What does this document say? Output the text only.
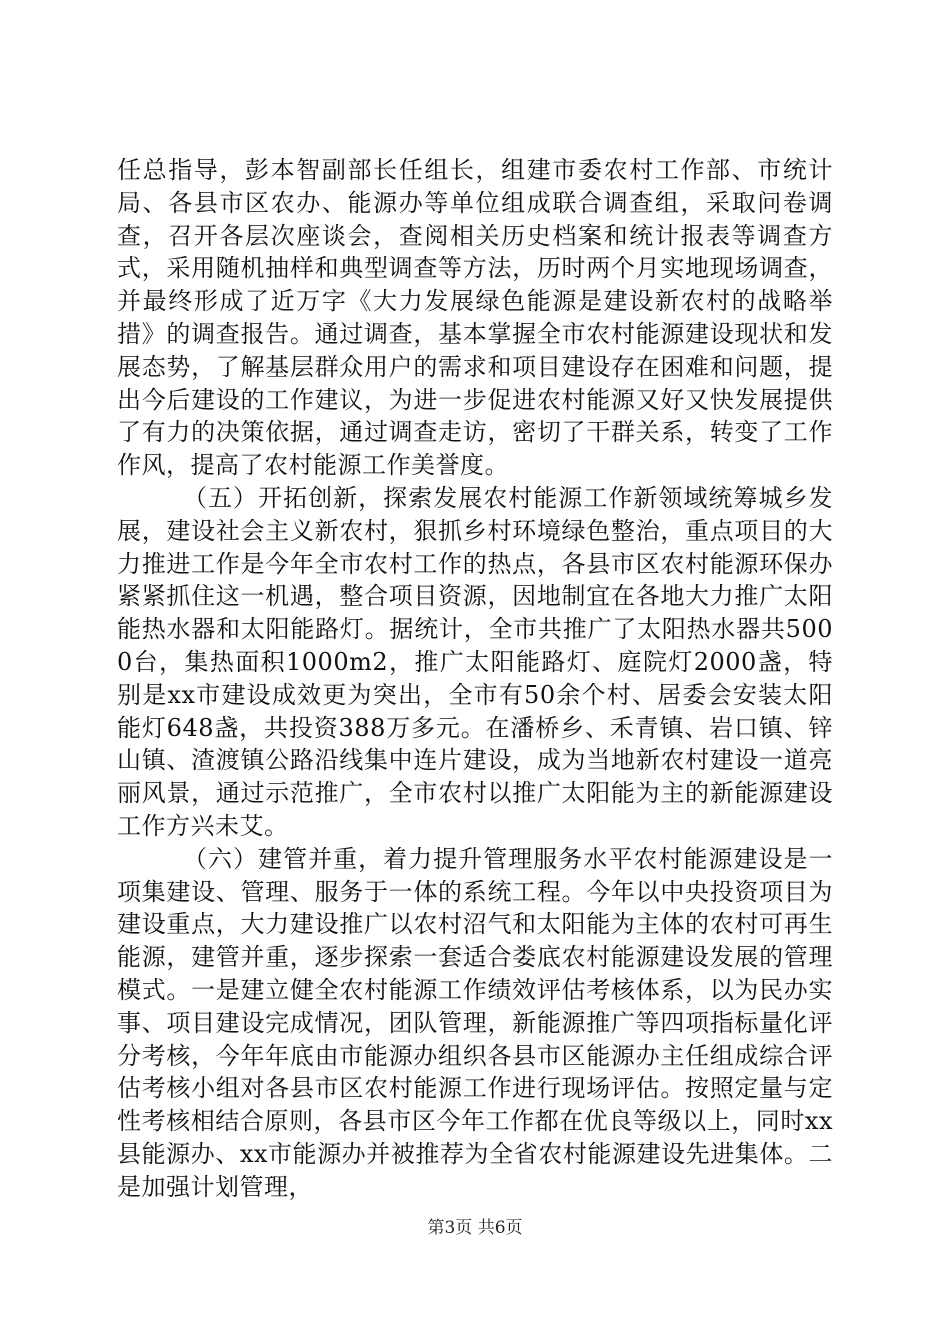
任总指导，彭本智副部长任组长，组建市委农村工作部、市统计局、各县市区农办、能源办等单位组成联合调查组，采取问卷调查，召开各层次座谈会，查阅相关历史档案和统计报表等调查方式，采用随机抽样和典型调查等方法，历时两个月实地现场调查，并最终形成了近万字《大力发展绿色能源是建设新农村的战略举措》的调查报告。通过调查，基本掌握全市农村能源建设现状和发展态势，了解基层群众用户的需求和项目建设存在困难和问题，提出今后建设的工作建议，为进一步促进农村能源又好又快发展提供了有力的决策依据，通过调查走访，密切了干群关系，转变了工作作风，提高了农村能源工作美誉度。

（五）开拓创新，探索发展农村能源工作新领域统筹城乡发展，建设社会主义新农村，狠抓乡村环境绿色整治，重点项目的大力推进工作是今年全市农村工作的热点，各县市区农村能源环保办紧紧抓住这一机遇，整合项目资源，因地制宜在各地大力推广太阳能热水器和太阳能路灯。据统计，全市共推广了太阳热水器共5000台，集热面积1000m2，推广太阳能路灯、庭院灯2000盏，特别是xx市建设成效更为突出，全市有50余个村、居委会安装太阳能灯648盏，共投资388万多元。在潘桥乡、禾青镇、岩口镇、锌山镇、渣渡镇公路沿线集中连片建设，成为当地新农村建设一道亮丽风景，通过示范推广，全市农村以推广太阳能为主的新能源建设工作方兴未艾。

（六）建管并重，着力提升管理服务水平农村能源建设是一项集建设、管理、服务于一体的系统工程。今年以中央投资项目为建设重点，大力建设推广以农村沼气和太阳能为主体的农村可再生能源，建管并重，逐步探索一套适合娄底农村能源建设发展的管理模式。一是建立健全农村能源工作绩效评估考核体系，以为民办实事、项目建设完成情况，团队管理，新能源推广等四项指标量化评分考核，今年年底由市能源办组织各县市区能源办主任组成综合评估考核小组对各县市区农村能源工作进行现场评估。按照定量与定性考核相结合原则，各县市区今年工作都在优良等级以上，同时xx县能源办、xx市能源办并被推荐为全省农村能源建设先进集体。二是加强计划管理，

第3页 共6页
